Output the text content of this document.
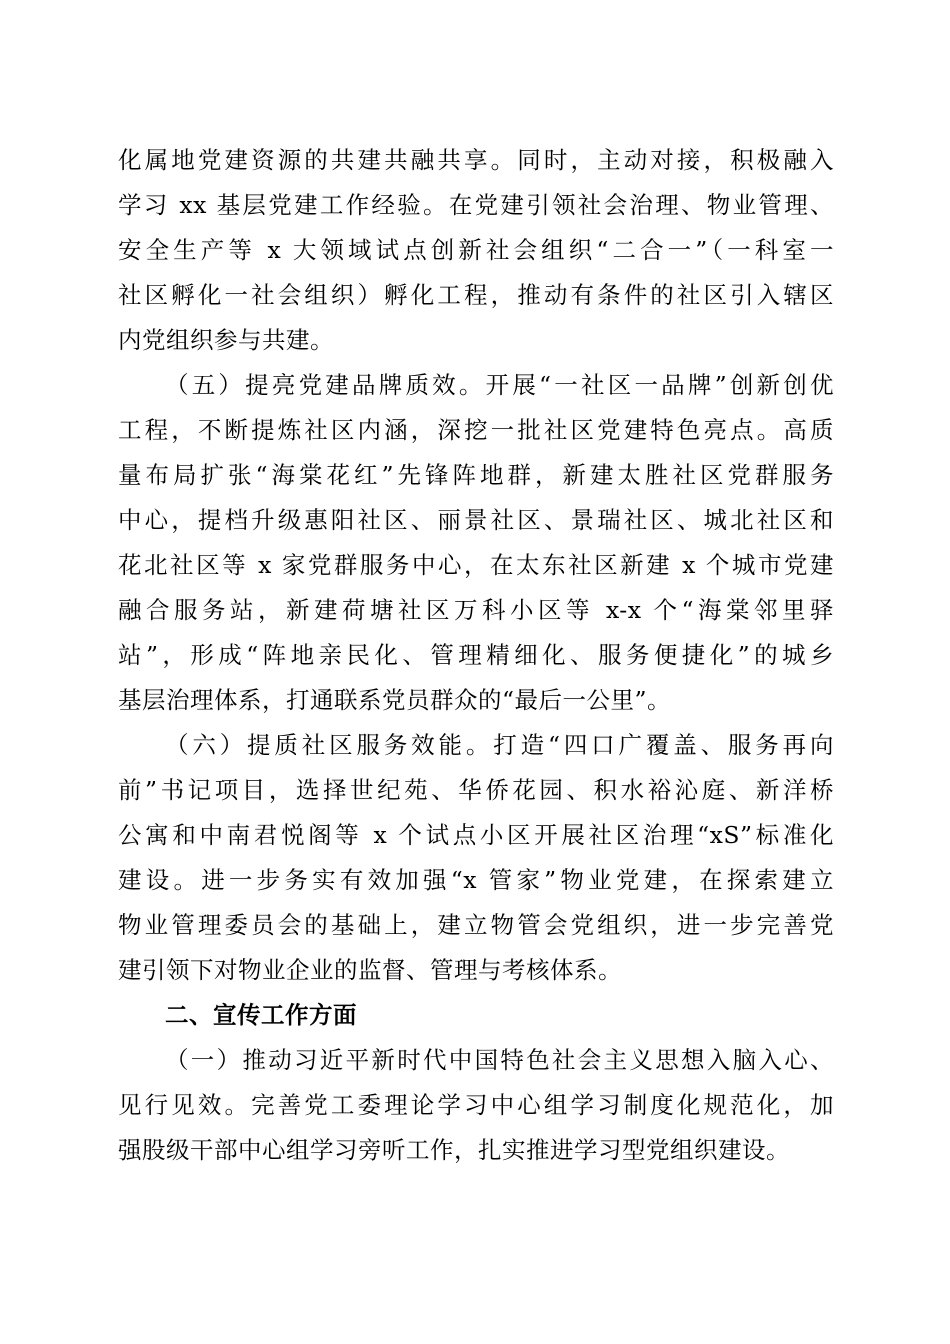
化属地党建资源的共建共融共享。同时，主动对接，积极融入
学习 xx 基层党建工作经验。在党建引领社会治理、物业管理、
安全生产等 x 大领域试点创新社会组织“二合一”（一科室一
社区孵化一社会组织）孵化工程，推动有条件的社区引入辖区
内党组织参与共建。
（五）提亮党建品牌质效。开展“一社区一品牌”创新创优
工程，不断提炼社区内涵，深挖一批社区党建特色亮点。高质
量布局扩张“海棠花红”先锋阵地群，新建太胜社区党群服务
中心，提档升级惠阳社区、丽景社区、景瑞社区、城北社区和
花北社区等 x 家党群服务中心，在太东社区新建 x 个城市党建
融合服务站，新建荷塘社区万科小区等 x-x 个“海棠邻里驿
站”，形成“阵地亲民化、管理精细化、服务便捷化”的城乡
基层治理体系，打通联系党员群众的“最后一公里”。
（六）提质社区服务效能。打造“四口广覆盖、服务再向
前”书记项目，选择世纪苑、华侨花园、积水裕沁庭、新洋桥
公寓和中南君悦阁等 x 个试点小区开展社区治理“xS”标准化
建设。进一步务实有效加强“x 管家”物业党建，在探索建立
物业管理委员会的基础上，建立物管会党组织，进一步完善党
建引领下对物业企业的监督、管理与考核体系。
二、宣传工作方面
（一）推动习近平新时代中国特色社会主义思想入脑入心、
见行见效。完善党工委理论学习中心组学习制度化规范化，加
强股级干部中心组学习旁听工作，扎实推进学习型党组织建设。
